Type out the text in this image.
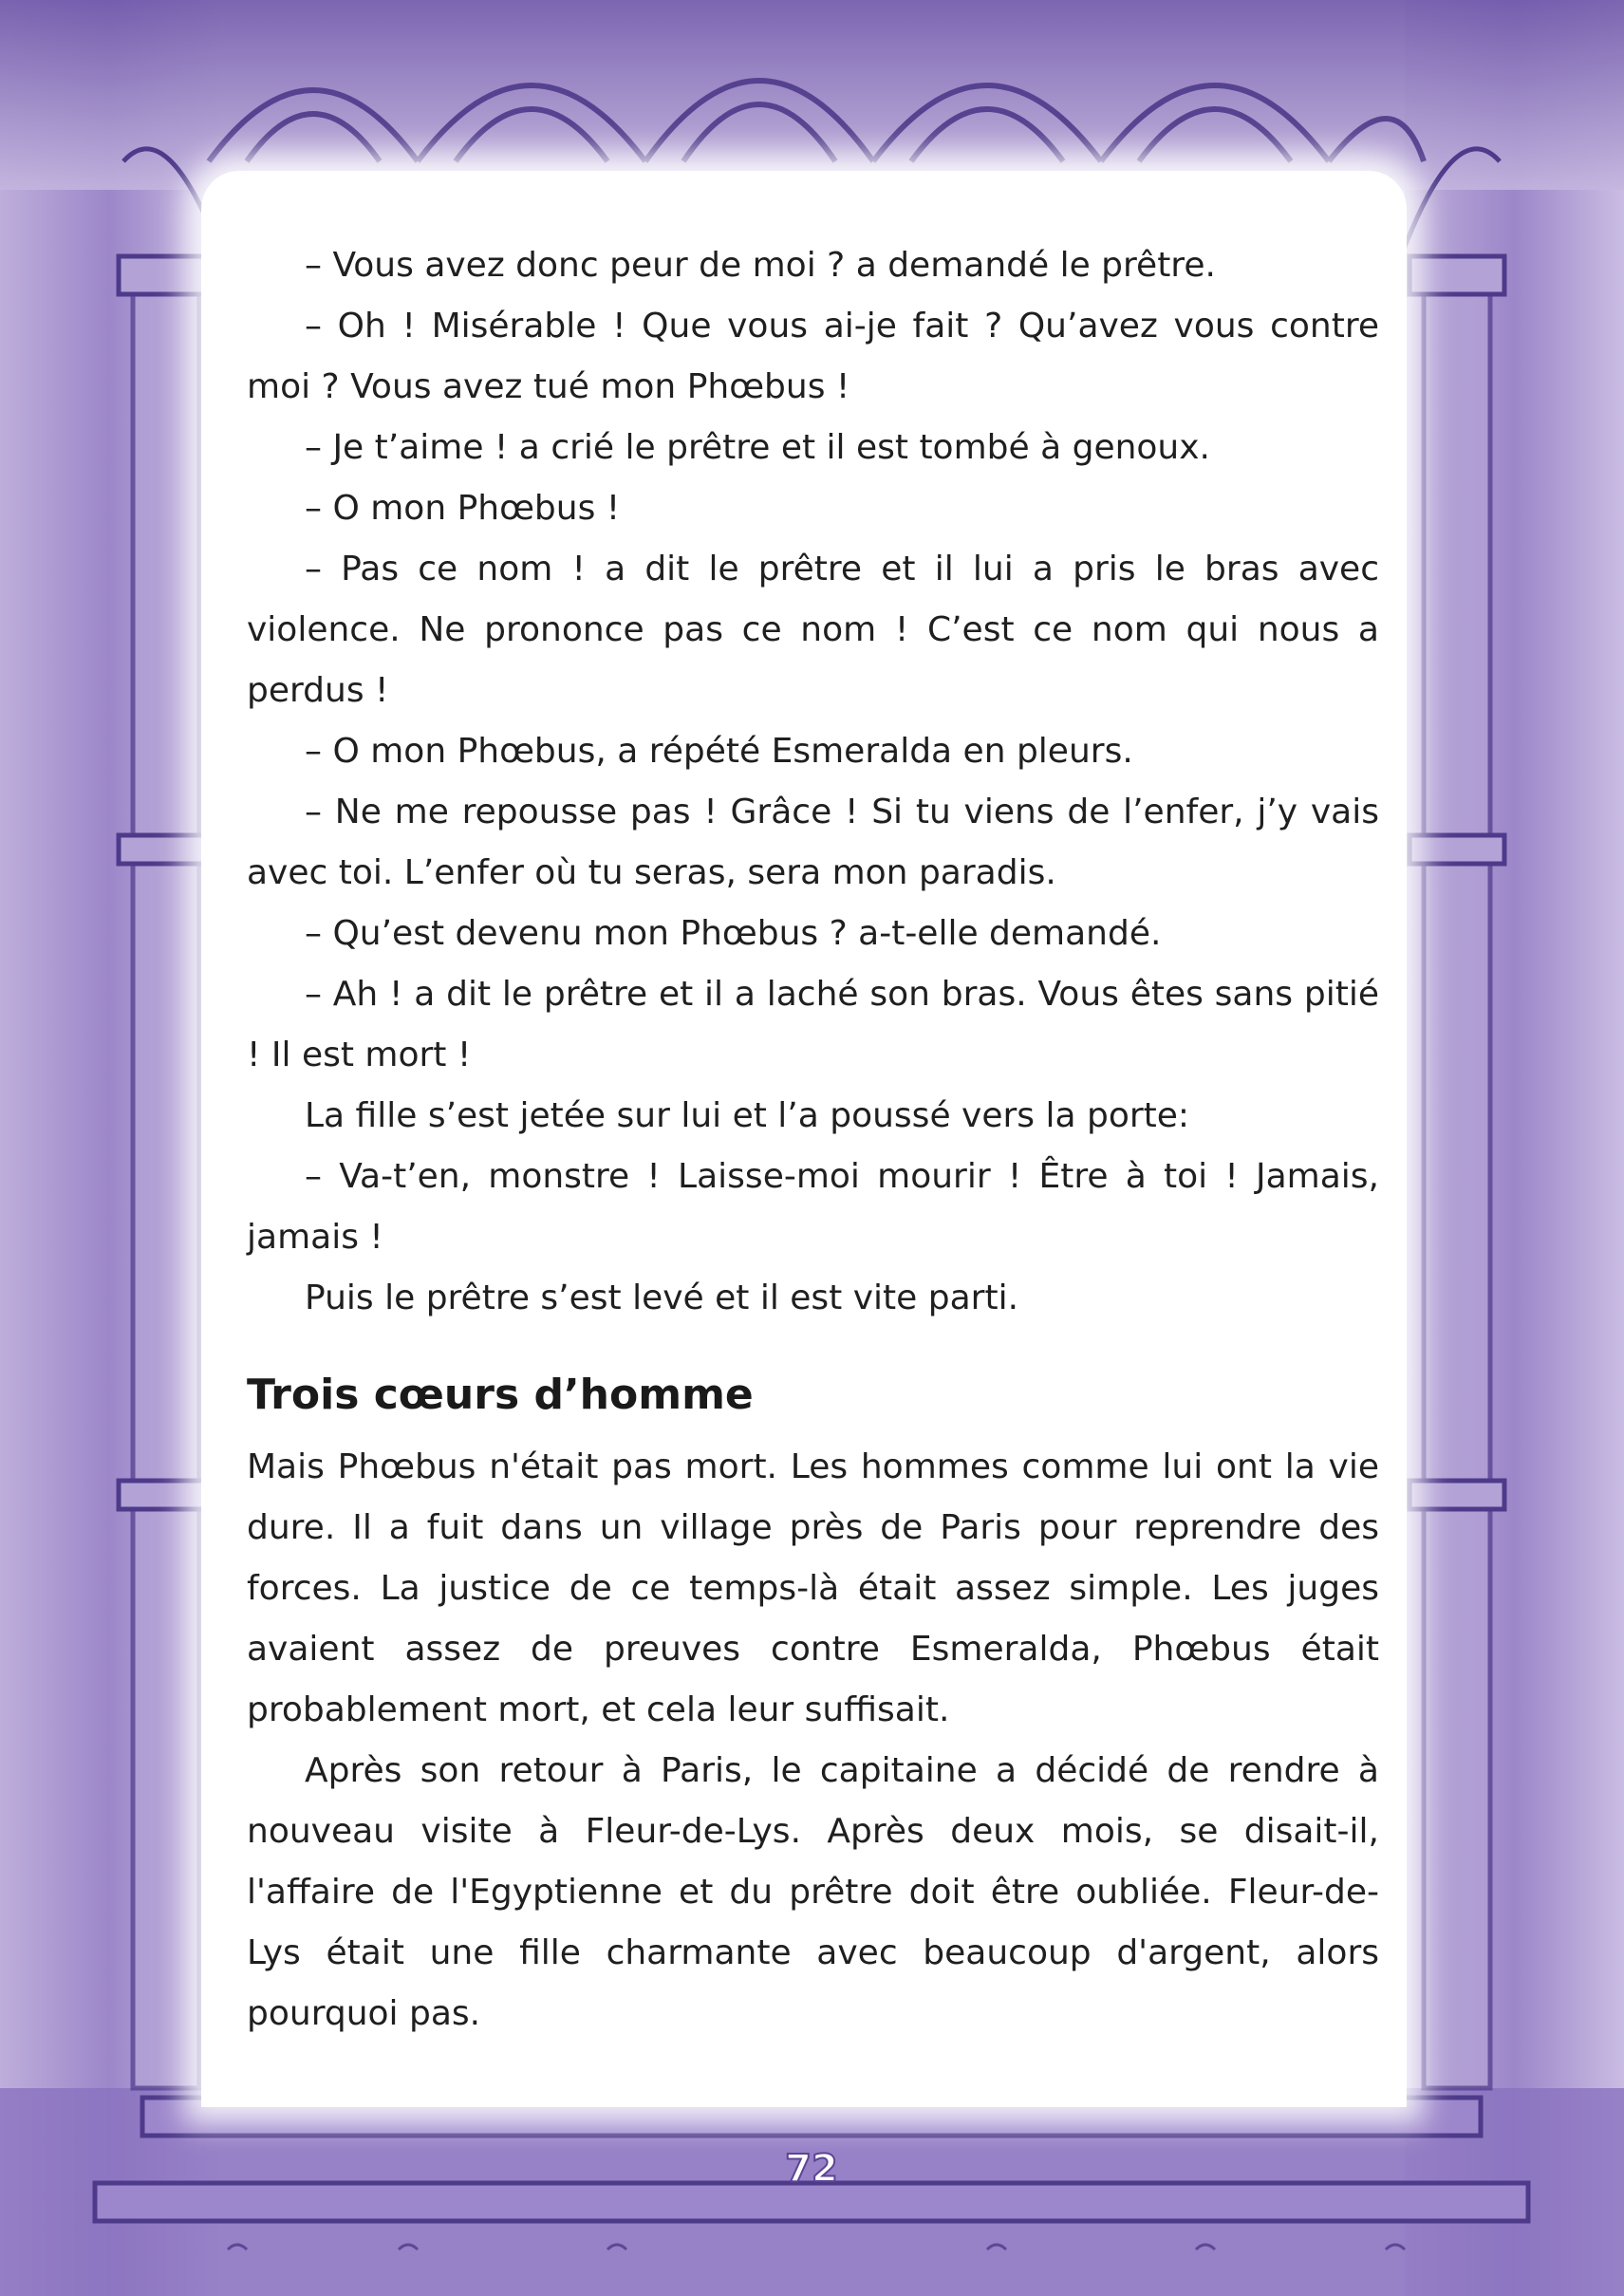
– Vous avez donc peur de moi ? a demandé le prêtre.

– Oh ! Misérable ! Que vous ai-je fait ? Qu’avez vous contre moi ? Vous avez tué mon Phœbus !

– Je t’aime ! a crié le prêtre et il est tombé à genoux.

– O mon Phœbus !

– Pas ce nom ! a dit le prêtre et il lui a pris le bras avec violence. Ne prononce pas ce nom ! C’est ce nom qui nous a perdus !

– O mon Phœbus, a répété Esmeralda en pleurs.

– Ne me repousse pas ! Grâce ! Si tu viens de l’enfer, j’y vais avec toi. L’enfer où tu seras, sera mon paradis.

– Qu’est devenu mon Phœbus ? a-t-elle demandé.

– Ah ! a dit le prêtre et il a laché son bras. Vous êtes sans pitié ! Il est mort !

La fille s’est jetée sur lui et l’a poussé vers la porte:

– Va-t’en, monstre ! Laisse-moi mourir ! Être à toi ! Jamais, jamais !

Puis le prêtre s’est levé et il est vite parti.

Trois cœurs d’homme

Mais Phœbus n'était pas mort. Les hommes comme lui ont la vie dure. Il a fuit dans un village près de Paris pour reprendre des forces. La justice de ce temps-là était assez simple. Les juges avaient assez de preuves contre Esmeralda, Phœbus était probablement mort, et cela leur suffisait.

Après son retour à Paris, le capitaine a décidé de rendre à nouveau visite à Fleur-de-Lys. Après deux mois, se disait-il, l'affaire de l'Egyptienne et du prêtre doit être oubliée. Fleur-de-Lys était une fille charmante avec beaucoup d'argent, alors pourquoi pas.

72
